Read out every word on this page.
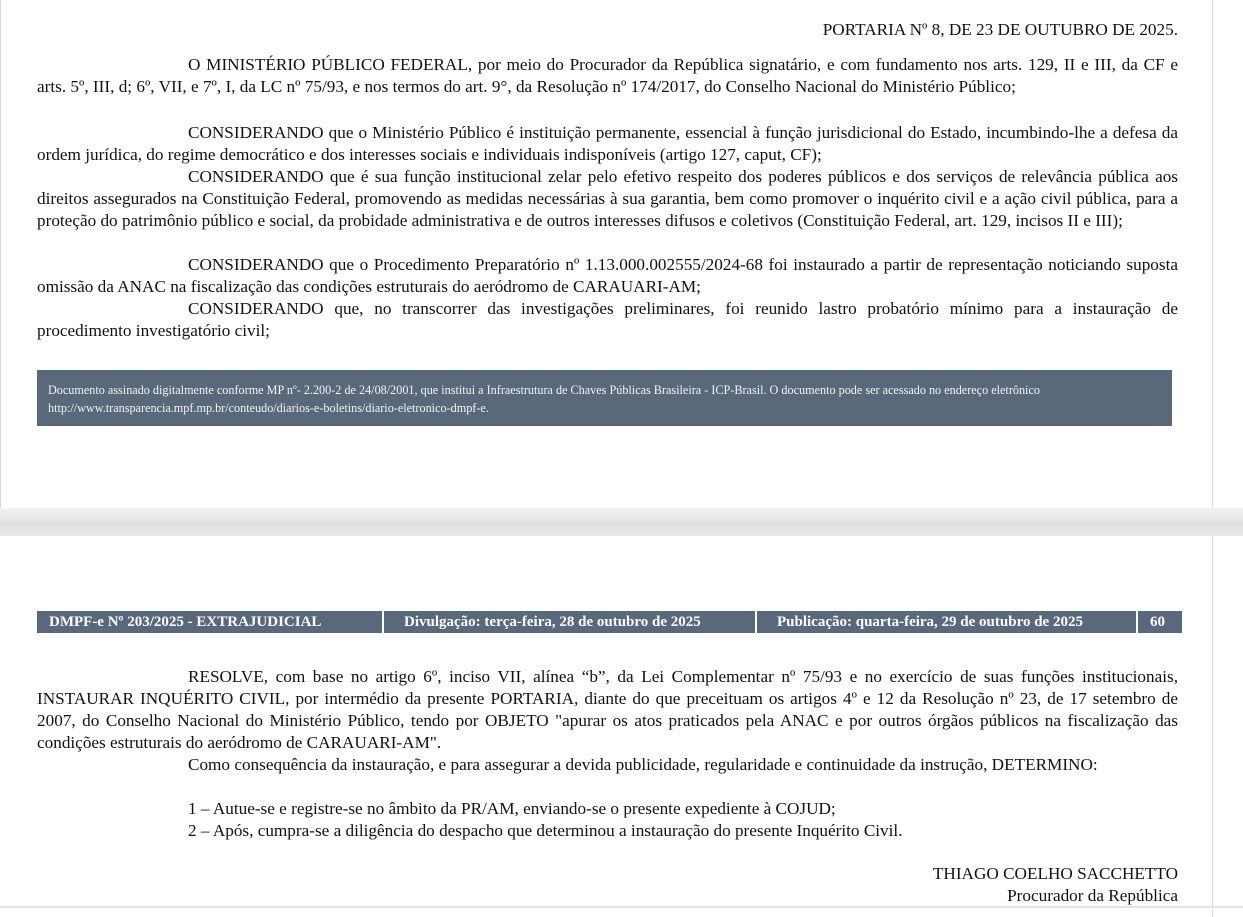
PORTARIA Nº 8, DE 23 DE OUTUBRO DE 2025.

O MINISTÉRIO PÚBLICO FEDERAL, por meio do Procurador da República signatário, e com fundamento nos arts. 129, II e III, da CF e arts. 5º, III, d; 6º, VII, e 7º, I, da LC nº 75/93, e nos termos do art. 9°, da Resolução nº 174/2017, do Conselho Nacional do Ministério Público;

CONSIDERANDO que o Ministério Público é instituição permanente, essencial à função jurisdicional do Estado, incumbindo-lhe a defesa da ordem jurídica, do regime democrático e dos interesses sociais e individuais indisponíveis (artigo 127, caput, CF);

CONSIDERANDO que é sua função institucional zelar pelo efetivo respeito dos poderes públicos e dos serviços de relevância pública aos direitos assegurados na Constituição Federal, promovendo as medidas necessárias à sua garantia, bem como promover o inquérito civil e a ação civil pública, para a proteção do patrimônio público e social, da probidade administrativa e de outros interesses difusos e coletivos (Constituição Federal, art. 129, incisos II e III);

CONSIDERANDO que o Procedimento Preparatório nº 1.13.000.002555/2024-68 foi instaurado a partir de representação noticiando suposta omissão da ANAC na fiscalização das condições estruturais do aeródromo de CARAUARI-AM;

CONSIDERANDO que, no transcorrer das investigações preliminares, foi reunido lastro probatório mínimo para a instauração de procedimento investigatório civil;

Documento assinado digitalmente conforme MP nº- 2.200-2 de 24/08/2001, que institui a Infraestrutura de Chaves Públicas Brasileira - ICP-Brasil. O documento pode ser acessado no endereço eletrônico http://www.transparencia.mpf.mp.br/conteudo/diarios-e-boletins/diario-eletronico-dmpf-e.
DMPF-e Nº 203/2025 - EXTRAJUDICIAL	Divulgação: terça-feira, 28 de outubro de 2025	Publicação: quarta-feira, 29 de outubro de 2025	60

RESOLVE, com base no artigo 6º, inciso VII, alínea “b”, da Lei Complementar nº 75/93 e no exercício de suas funções institucionais, INSTAURAR INQUÉRITO CIVIL, por intermédio da presente PORTARIA, diante do que preceituam os artigos 4º e 12 da Resolução nº 23, de 17 setembro de 2007, do Conselho Nacional do Ministério Público, tendo por OBJETO "apurar os atos praticados pela ANAC e por outros órgãos públicos na fiscalização das condições estruturais do aeródromo de CARAUARI-AM".

Como consequência da instauração, e para assegurar a devida publicidade, regularidade e continuidade da instrução, DETERMINO:

1 – Autue-se e registre-se no âmbito da PR/AM, enviando-se o presente expediente à COJUD;

2 – Após, cumpra-se a diligência do despacho que determinou a instauração do presente Inquérito Civil.

THIAGO COELHO SACCHETTO

Procurador da República
